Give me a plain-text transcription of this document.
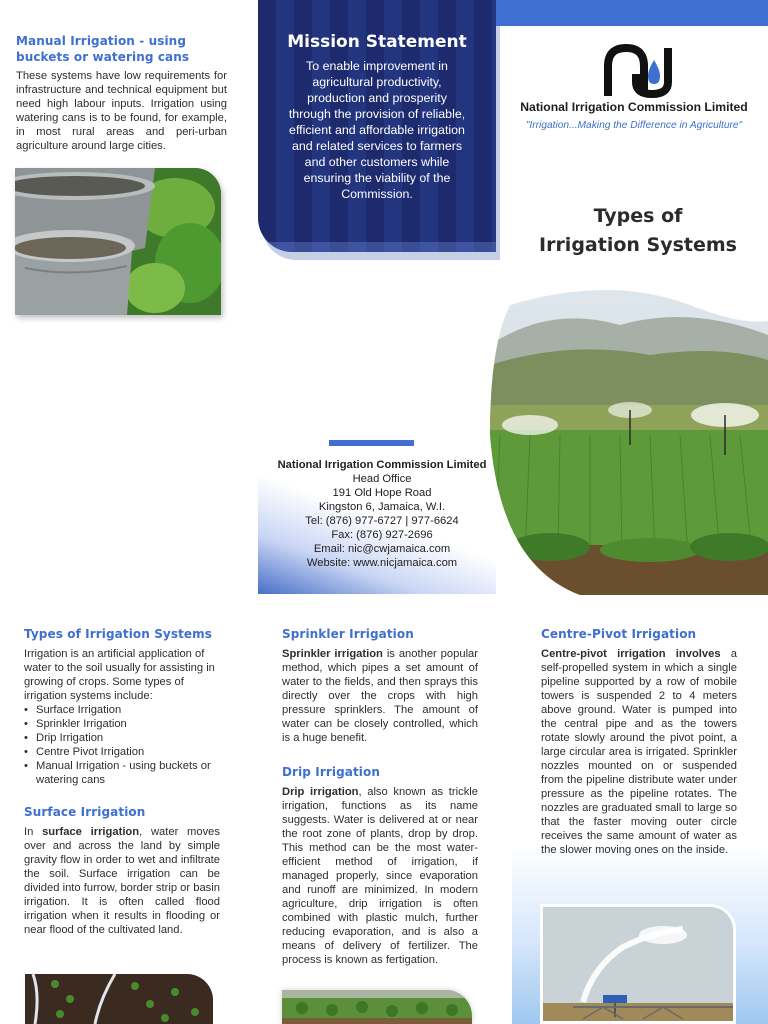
Manual Irrigation - using buckets or watering cans

These systems have low requirements for infrastructure and technical equipment but need high labour inputs. Irrigation using watering cans is to be found, for example, in most rural areas and peri-urban agriculture around large cities.

Mission Statement

To enable improvement in agricultural productivity, production and prosperity through the provision of reliable, efficient and affordable irrigation and related services to farmers and other customers while ensuring the viability of the Commission.

National Irrigation Commission Limited
Head Office
191 Old Hope Road
Kingston 6, Jamaica, W.I.
Tel: (876) 977-6727 | 977-6624
Fax: (876) 927-2696
Email: nic@cwjamaica.com
Website: www.nicjamaica.com
National Irrigation Commission Limited
"Irrigation...Making the Difference in Agriculture"
Types of
Irrigation Systems
Types of Irrigation Systems

Irrigation is an artificial application of water to the soil usually for assisting in growing of crops. Some types of irrigation systems include:

• Surface Irrigation
• Sprinkler Irrigation
• Drip Irrigation
• Centre Pivot Irrigation
• Manual Irrigation - using buckets or watering cans
Surface Irrigation

In surface irrigation, water moves over and across the land by simple gravity flow in order to wet and infiltrate the soil. Surface irrigation can be divided into furrow, border strip or basin irrigation. It is often called flood irrigation when it results in flooding or near flood of the cultivated land.

Sprinkler Irrigation

Sprinkler irrigation is another popular method, which pipes a set amount of water to the fields, and then sprays this directly over the crops with high pressure sprinklers. The amount of water can be closely controlled, which is a huge benefit.

Drip Irrigation

Drip irrigation, also known as trickle irrigation, functions as its name suggests. Water is delivered at or near the root zone of plants, drop by drop. This method can be the most water-efficient method of irrigation, if managed properly, since evaporation and runoff are minimized. In modern agriculture, drip irrigation is often combined with plastic mulch, further reducing evaporation, and is also a means of delivery of fertilizer. The process is known as fertigation.

Centre-Pivot Irrigation

Centre-pivot irrigation involves a self-propelled system in which a single pipeline supported by a row of mobile towers is suspended 2 to 4 meters above ground. Water is pumped into the central pipe and as the towers rotate slowly around the pivot point, a large circular area is irrigated. Sprinkler nozzles mounted on or suspended from the pipeline distribute water under pressure as the pipeline rotates. The nozzles are graduated small to large so that the faster moving outer circle receives the same amount of water as the slower moving ones on the inside.
